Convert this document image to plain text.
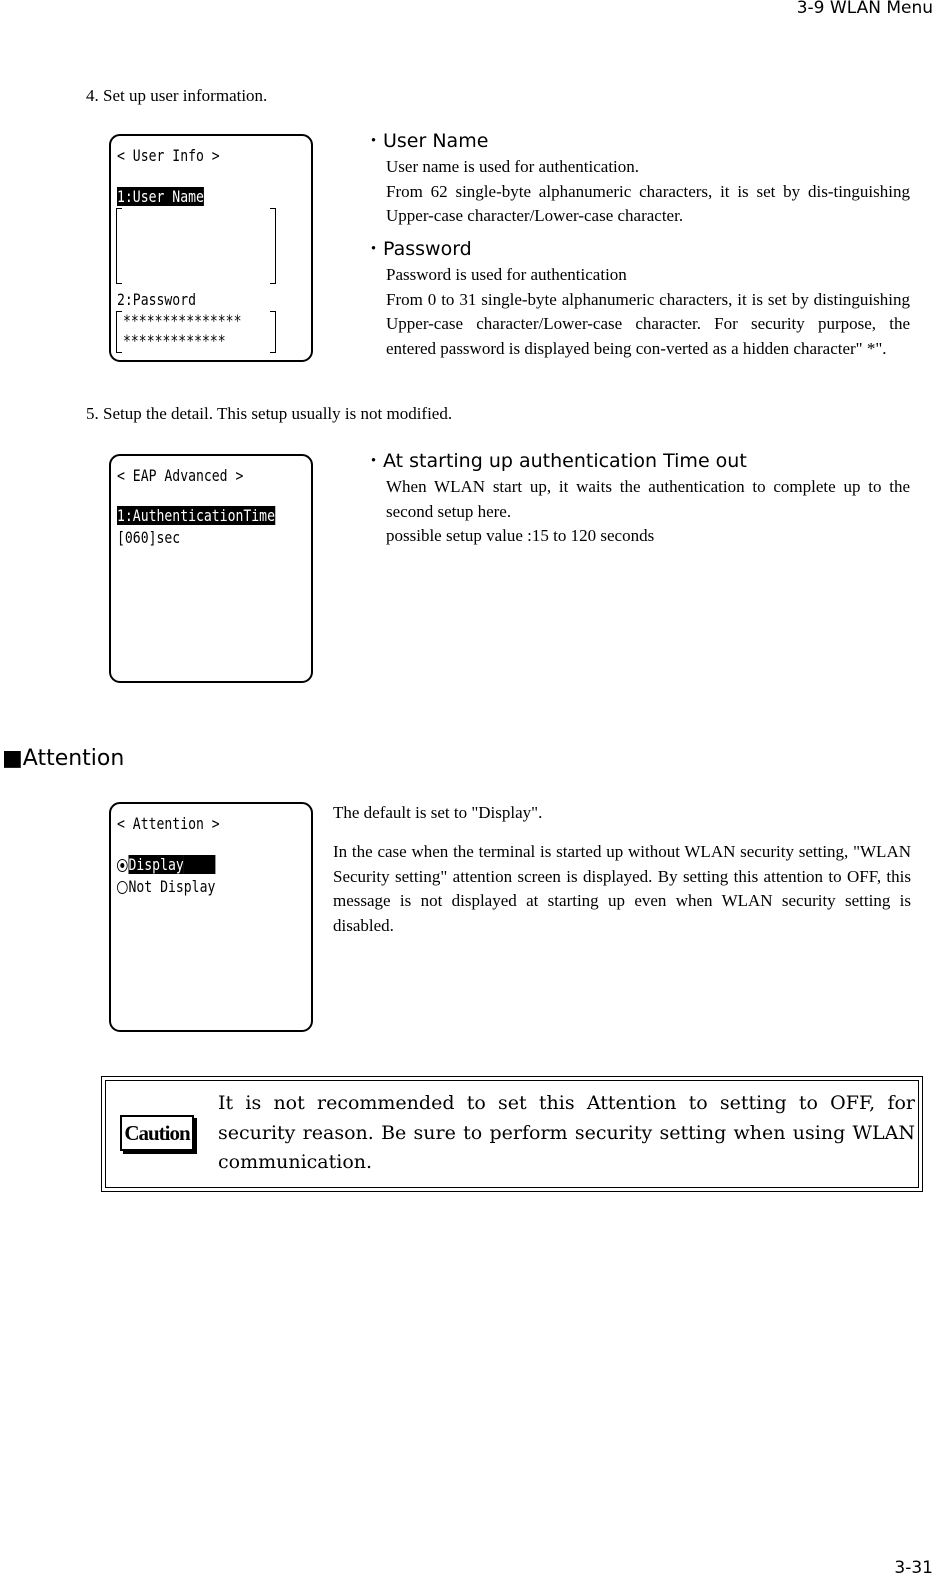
3-9 WLAN Menu
3-31
4. Set up user information.
< User Info >
1:User Name
2:Password
***************
*************
・User Name
User name is used for authentication.
From 62 single-byte alphanumeric characters, it is set by dis-tinguishing Upper-case character/Lower-case character.
・Password
Password is used for authentication
From 0 to 31 single-byte alphanumeric characters, it is set by distinguishing Upper-case character/Lower-case character. For security purpose, the entered password is displayed being con-verted as a hidden character" *".
5. Setup the detail. This setup usually is not modified.
< EAP Advanced >
1:AuthenticationTime
[060]sec
・At starting up authentication Time out
When WLAN start up, it waits the authentication to complete up to the second setup here.
possible setup value :15 to 120 seconds
■Attention
< Attention >
Display
Not Display
The default is set to "Display".
In the case when the terminal is started up without WLAN security setting, "WLAN Security setting" attention screen is displayed. By setting this attention to OFF, this message is not displayed at starting up even when WLAN security setting is disabled.
Caution
It is not recommended to set this Attention to setting to OFF, for security reason. Be sure to perform security setting when using WLAN communication.
